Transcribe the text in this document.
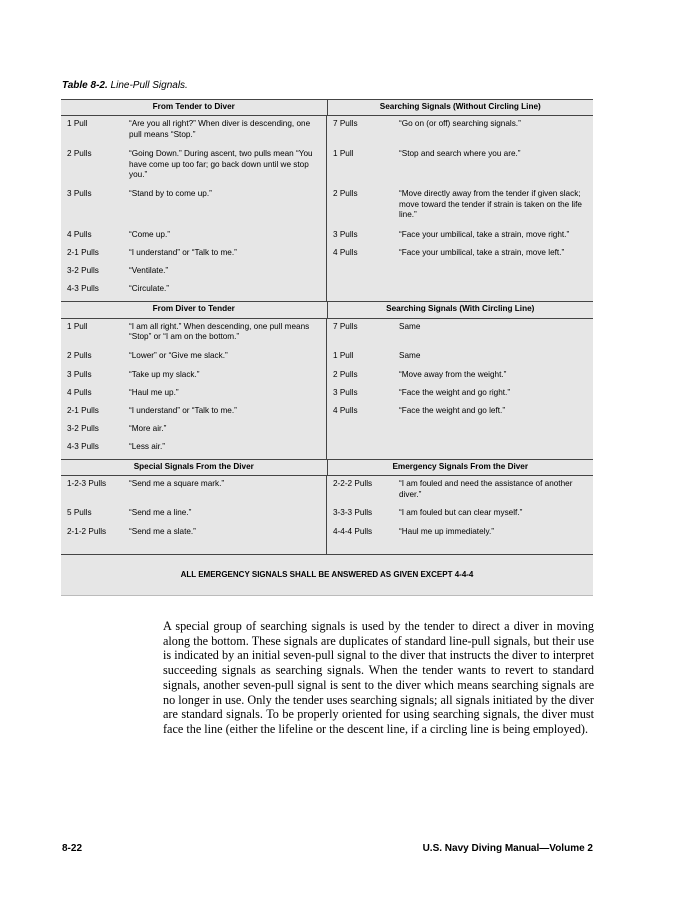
Table 8-2. Line-Pull Signals.
From Tender to Diver	Searching Signals (Without Circling Line)
1 Pull	“Are you all right?” When diver is descending, one pull means “Stop.”
2 Pulls	“Going Down.” During ascent, two pulls mean “You have come up too far; go back down until we stop you.”
3 Pulls	“Stand by to come up.”
4 Pulls	“Come up.”
2-1 Pulls	“I understand” or “Talk to me.”
3-2 Pulls	“Ventilate.”
4-3 Pulls	“Circulate.”
7 Pulls	“Go on (or off) searching signals.”
1 Pull	“Stop and search where you are.”
2 Pulls	“Move directly away from the tender if given slack; move toward the tender if strain is taken on the life line.”
3 Pulls	“Face your umbilical, take a strain, move right.”
4 Pulls	“Face your umbilical, take a strain, move left.”
From Diver to Tender	Searching Signals (With Circling Line)
1 Pull	“I am all right.” When descending, one pull means “Stop” or “I am on the bottom.”
2 Pulls	“Lower” or “Give me slack.”
3 Pulls	“Take up my slack.”
4 Pulls	“Haul me up.”
2-1 Pulls	“I understand” or “Talk to me.”
3-2 Pulls	“More air.”
4-3 Pulls	“Less air.”
7 Pulls	Same
1 Pull	Same
2 Pulls	“Move away from the weight.”
3 Pulls	“Face the weight and go right.”
4 Pulls	“Face the weight and go left.”
Special Signals From the Diver	Emergency Signals From the Diver
1-2-3 Pulls	“Send me a square mark.”
5 Pulls	“Send me a line.”
2-1-2 Pulls	“Send me a slate.”
2-2-2 Pulls	“I am fouled and need the assistance of another diver.”
3-3-3 Pulls	“I am fouled but can clear myself.”
4-4-4 Pulls	“Haul me up immediately.”
ALL EMERGENCY SIGNALS SHALL BE ANSWERED AS GIVEN EXCEPT 4-4-4
A special group of searching signals is used by the tender to direct a diver in moving along the bottom. These signals are duplicates of standard line-pull signals, but their use is indicated by an initial seven-pull signal to the diver that instructs the diver to interpret succeeding signals as searching signals. When the tender wants to revert to standard signals, another seven-pull signal is sent to the diver which means searching signals are no longer in use. Only the tender uses searching signals; all signals initiated by the diver are standard signals. To be properly oriented for using searching signals, the diver must face the line (either the lifeline or the descent line, if a circling line is being employed).
8-22	U.S. Navy Diving Manual—Volume 2
